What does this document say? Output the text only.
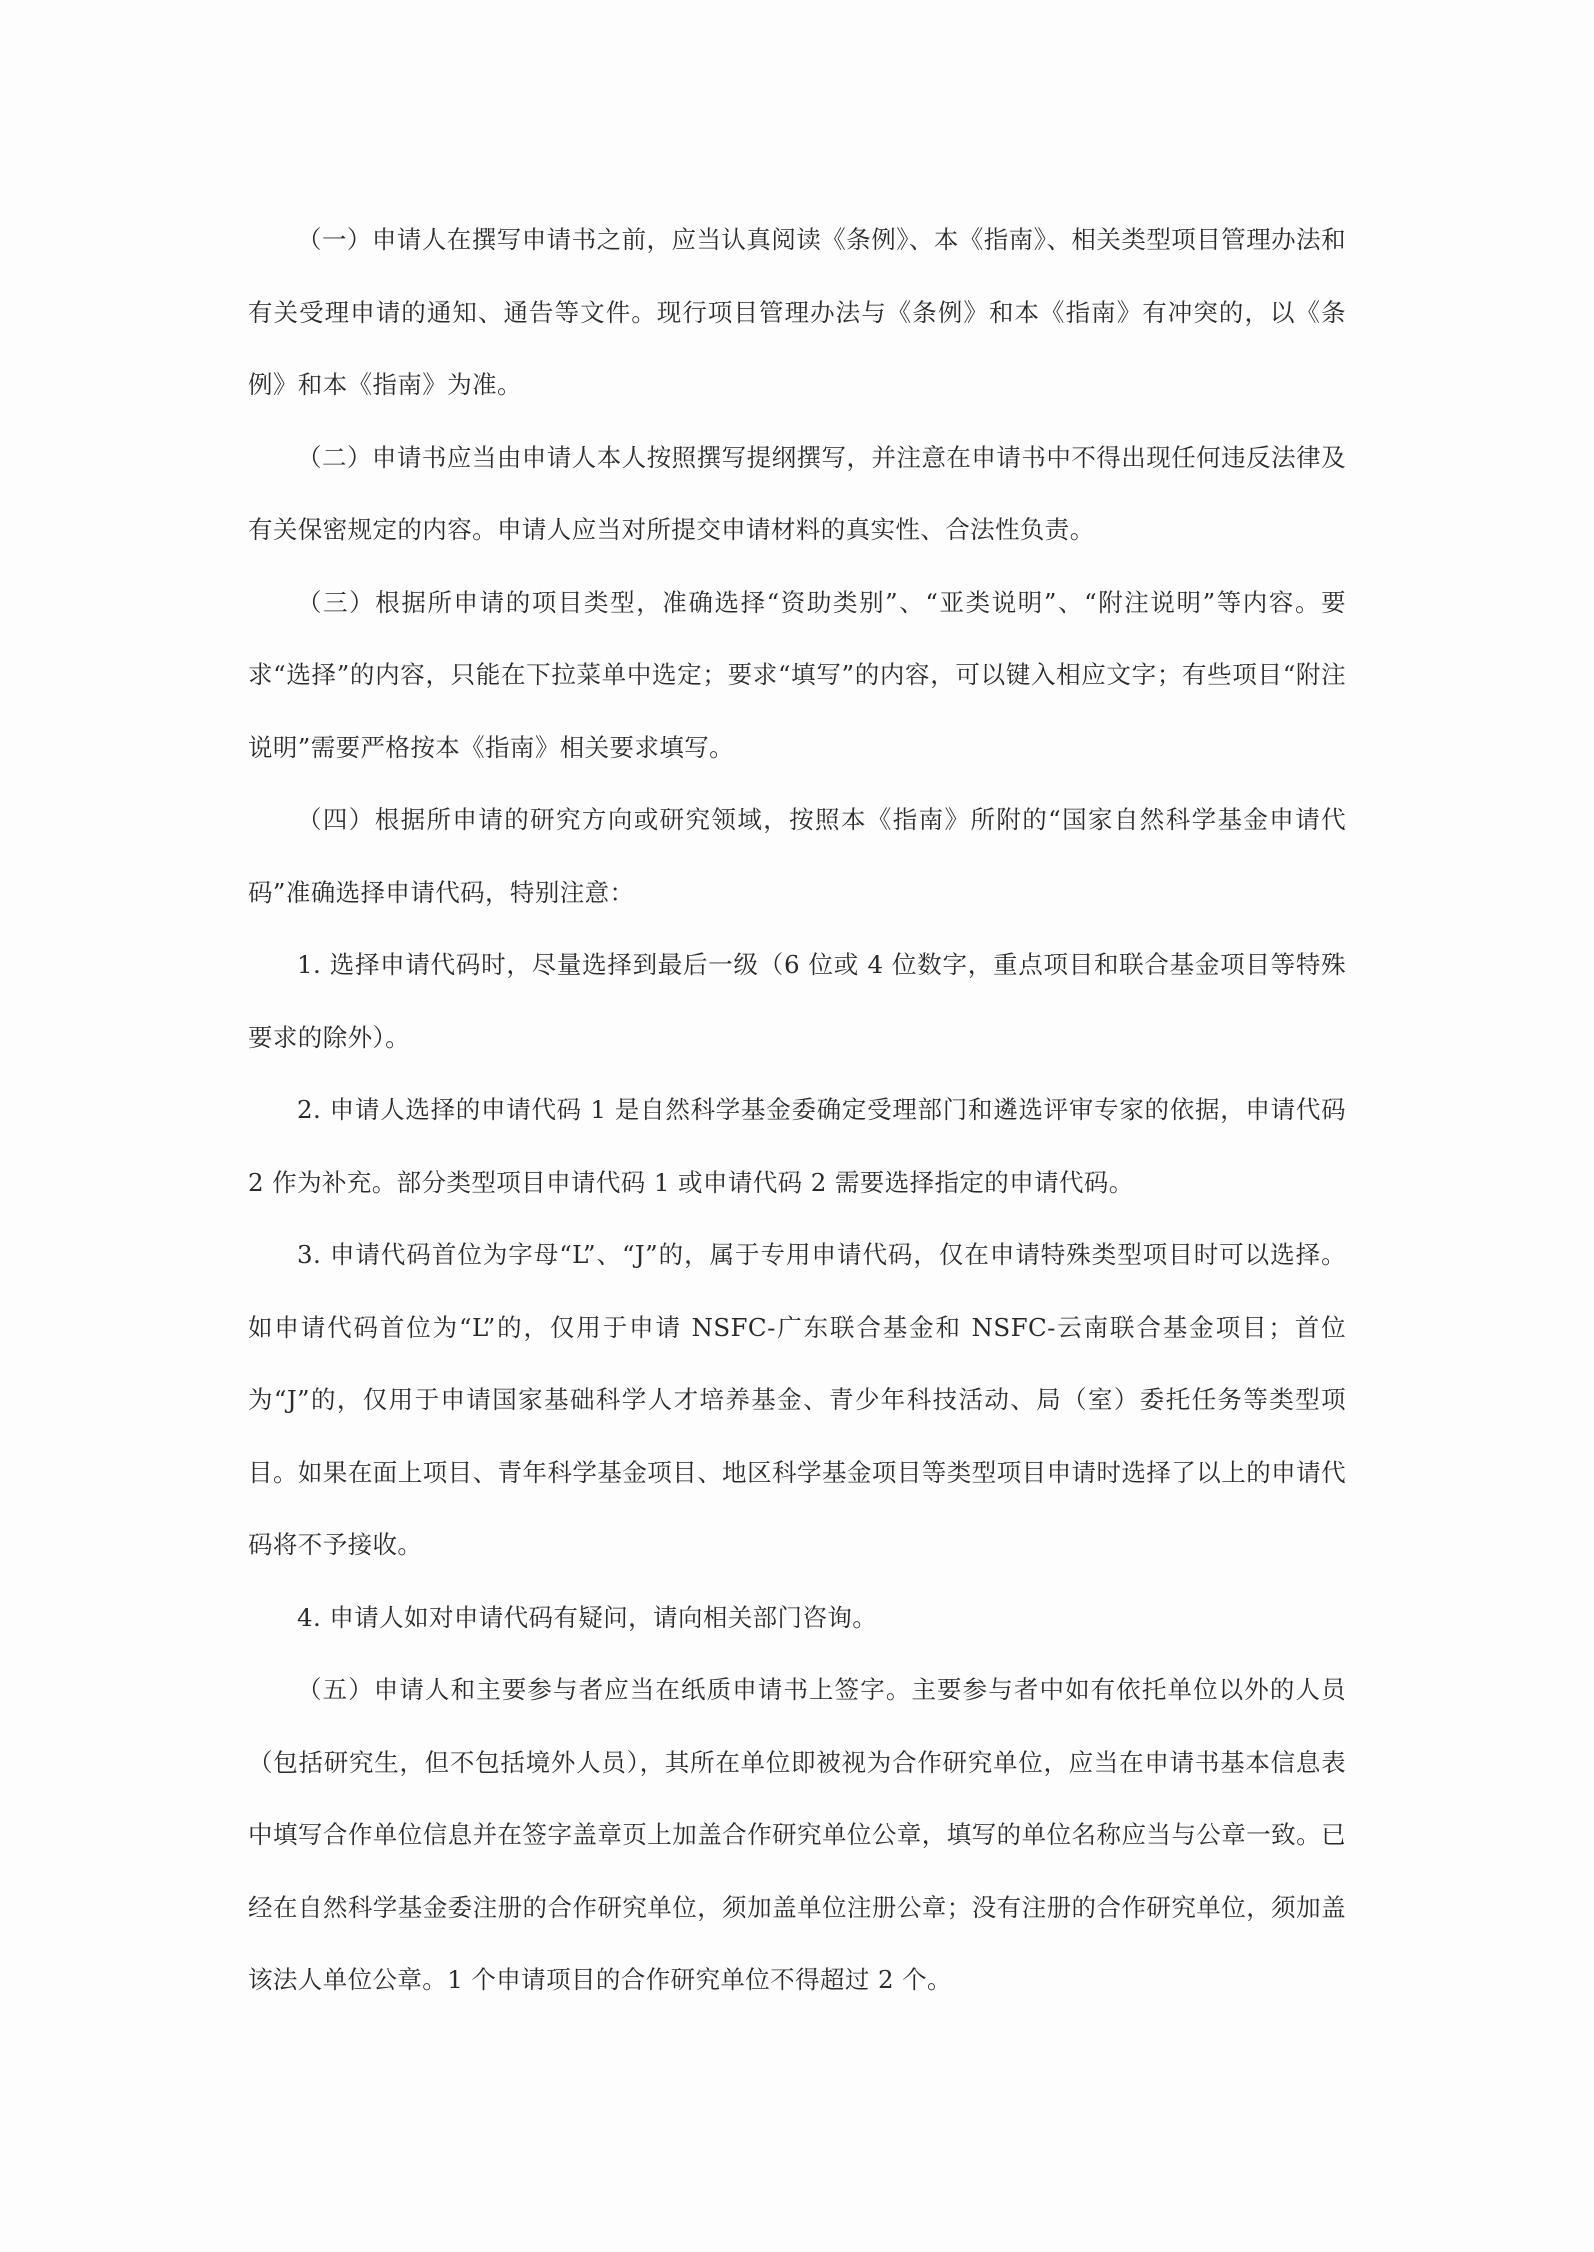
（一）申请人在撰写申请书之前，应当认真阅读《条例》、本《指南》、相关类型项目管理办法和有关受理申请的通知、通告等文件。现行项目管理办法与《条例》和本《指南》有冲突的，以《条例》和本《指南》为准。

（二）申请书应当由申请人本人按照撰写提纲撰写，并注意在申请书中不得出现任何违反法律及有关保密规定的内容。申请人应当对所提交申请材料的真实性、合法性负责。

（三）根据所申请的项目类型，准确选择“资助类别”、“亚类说明”、“附注说明”等内容。要求“选择”的内容，只能在下拉菜单中选定；要求“填写”的内容，可以键入相应文字；有些项目“附注说明”需要严格按本《指南》相关要求填写。

（四）根据所申请的研究方向或研究领域，按照本《指南》所附的“国家自然科学基金申请代码”准确选择申请代码，特别注意：

1. 选择申请代码时，尽量选择到最后一级（6 位或 4 位数字，重点项目和联合基金项目等特殊要求的除外）。

2. 申请人选择的申请代码 1 是自然科学基金委确定受理部门和遴选评审专家的依据，申请代码 2 作为补充。部分类型项目申请代码 1 或申请代码 2 需要选择指定的申请代码。

3. 申请代码首位为字母“L”、“J”的，属于专用申请代码，仅在申请特殊类型项目时可以选择。如申请代码首位为“L”的，仅用于申请 NSFC-广东联合基金和 NSFC-云南联合基金项目；首位为“J”的，仅用于申请国家基础科学人才培养基金、青少年科技活动、局（室）委托任务等类型项目。如果在面上项目、青年科学基金项目、地区科学基金项目等类型项目申请时选择了以上的申请代码将不予接收。

4. 申请人如对申请代码有疑问，请向相关部门咨询。

（五）申请人和主要参与者应当在纸质申请书上签字。主要参与者中如有依托单位以外的人员（包括研究生，但不包括境外人员），其所在单位即被视为合作研究单位，应当在申请书基本信息表中填写合作单位信息并在签字盖章页上加盖合作研究单位公章，填写的单位名称应当与公章一致。已经在自然科学基金委注册的合作研究单位，须加盖单位注册公章；没有注册的合作研究单位，须加盖该法人单位公章。1 个申请项目的合作研究单位不得超过 2 个。
